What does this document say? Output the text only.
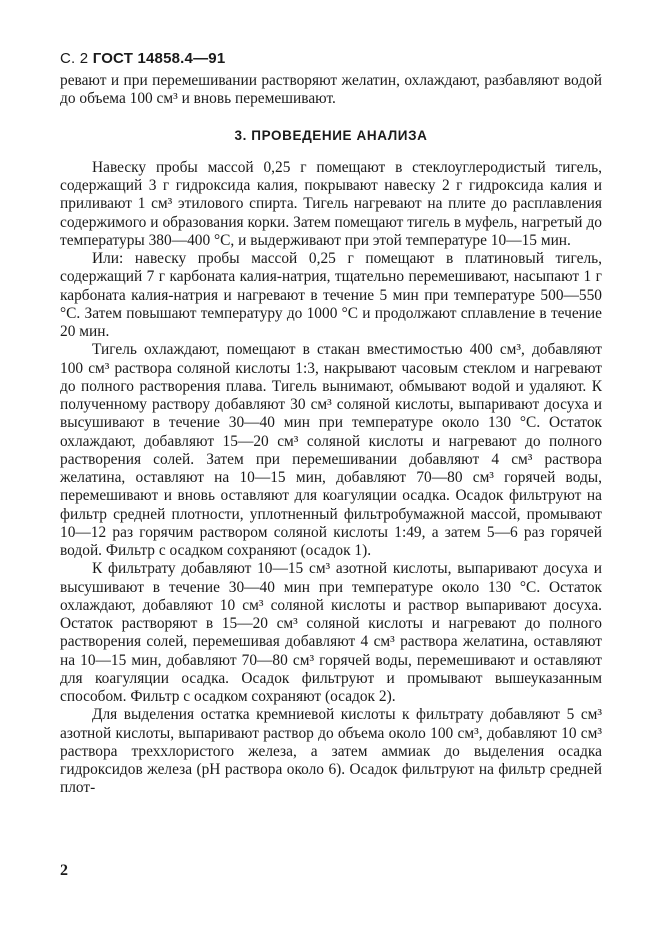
С. 2 ГОСТ 14858.4—91

ревают и при перемешивании растворяют желатин, охлаждают, разбавляют водой до объема 100 см³ и вновь перемешивают.

3. ПРОВЕДЕНИЕ АНАЛИЗА

Навеску пробы массой 0,25 г помещают в стеклоуглеродистый тигель, содержащий 3 г гидроксида калия, покрывают навеску 2 г гидроксида калия и приливают 1 см³ этилового спирта. Тигель нагревают на плите до расплавления содержимого и образования корки. Затем помещают тигель в муфель, нагретый до температуры 380—400 °С, и выдерживают при этой температуре 10—15 мин.

Или: навеску пробы массой 0,25 г помещают в платиновый тигель, содержащий 7 г карбоната калия-натрия, тщательно перемешивают, насыпают 1 г карбоната калия-натрия и нагревают в течение 5 мин при температуре 500—550 °С. Затем повышают температуру до 1000 °С и продолжают сплавление в течение 20 мин.

Тигель охлаждают, помещают в стакан вместимостью 400 см³, добавляют 100 см³ раствора соляной кислоты 1:3, накрывают часовым стеклом и нагревают до полного растворения плава. Тигель вынимают, обмывают водой и удаляют. К полученному раствору добавляют 30 см³ соляной кислоты, выпаривают досуха и высушивают в течение 30—40 мин при температуре около 130 °С. Остаток охлаждают, добавляют 15—20 см³ соляной кислоты и нагревают до полного растворения солей. Затем при перемешивании добавляют 4 см³ раствора желатина, оставляют на 10—15 мин, добавляют 70—80 см³ горячей воды, перемешивают и вновь оставляют для коагуляции осадка. Осадок фильтруют на фильтр средней плотности, уплотненный фильтробумажной массой, промывают 10—12 раз горячим раствором соляной кислоты 1:49, а затем 5—6 раз горячей водой. Фильтр с осадком сохраняют (осадок 1).

К фильтрату добавляют 10—15 см³ азотной кислоты, выпаривают досуха и высушивают в течение 30—40 мин при температуре около 130 °С. Остаток охлаждают, добавляют 10 см³ соляной кислоты и раствор выпаривают досуха. Остаток растворяют в 15—20 см³ соляной кислоты и нагревают до полного растворения солей, перемешивая добавляют 4 см³ раствора желатина, оставляют на 10—15 мин, добавляют 70—80 см³ горячей воды, перемешивают и оставляют для коагуляции осадка. Осадок фильтруют и промывают вышеуказанным способом. Фильтр с осадком сохраняют (осадок 2).

Для выделения остатка кремниевой кислоты к фильтрату добавляют 5 см³ азотной кислоты, выпаривают раствор до объема около 100 см³, добавляют 10 см³ раствора треххлористого железа, а затем аммиак до выделения осадка гидроксидов железа (рН раствора около 6). Осадок фильтруют на фильтр средней плот-

2
